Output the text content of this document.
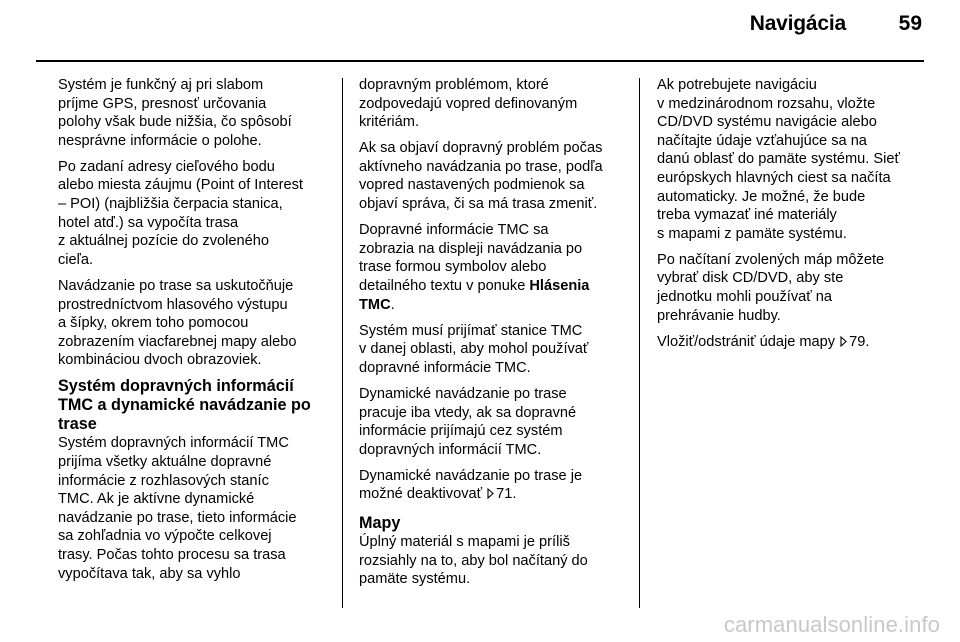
Navigácia	59

Systém je funkčný aj pri slabom
príjme GPS, presnosť určovania
polohy však bude nižšia, čo spôsobí
nesprávne informácie o polohe.

Po zadaní adresy cieľového bodu
alebo miesta záujmu (Point of Interest
– POI) (najbližšia čerpacia stanica,
hotel atď.) sa vypočíta trasa
z aktuálnej pozície do zvoleného
cieľa.

Navádzanie po trase sa uskutočňuje
prostredníctvom hlasového výstupu
a šípky, okrem toho pomocou
zobrazením viacfarebnej mapy alebo
kombináciou dvoch obrazoviek.

Systém dopravných informácií
TMC a dynamické navádzanie po
trase

Systém dopravných informácií TMC
prijíma všetky aktuálne dopravné
informácie z rozhlasových staníc
TMC. Ak je aktívne dynamické
navádzanie po trase, tieto informácie
sa zohľadnia vo výpočte celkovej
trasy. Počas tohto procesu sa trasa
vypočítava tak, aby sa vyhlo

dopravným problémom, ktoré
zodpovedajú vopred definovaným
kritériám.

Ak sa objaví dopravný problém počas
aktívneho navádzania po trase, podľa
vopred nastavených podmienok sa
objaví správa, či sa má trasa zmeniť.

Dopravné informácie TMC sa
zobrazia na displeji navádzania po
trase formou symbolov alebo
detailného textu v ponuke Hlásenia
TMC.

Systém musí prijímať stanice TMC
v danej oblasti, aby mohol používať
dopravné informácie TMC.

Dynamické navádzanie po trase
pracuje iba vtedy, ak sa dopravné
informácie prijímajú cez systém
dopravných informácií TMC.

Dynamické navádzanie po trase je
možné deaktivovať 71.

Mapy

Úplný materiál s mapami je príliš
rozsiahly na to, aby bol načítaný do
pamäte systému.

Ak potrebujete navigáciu
v medzinárodnom rozsahu, vložte
CD/DVD systému navigácie alebo
načítajte údaje vzťahujúce sa na
danú oblasť do pamäte systému. Sieť
európskych hlavných ciest sa načíta
automaticky. Je možné, že bude
treba vymazať iné materiály
s mapami z pamäte systému.

Po načítaní zvolených máp môžete
vybrať disk CD/DVD, aby ste
jednotku mohli používať na
prehrávanie hudby.

Vložiť/odstrániť údaje mapy 79.

carmanualsonline.info
